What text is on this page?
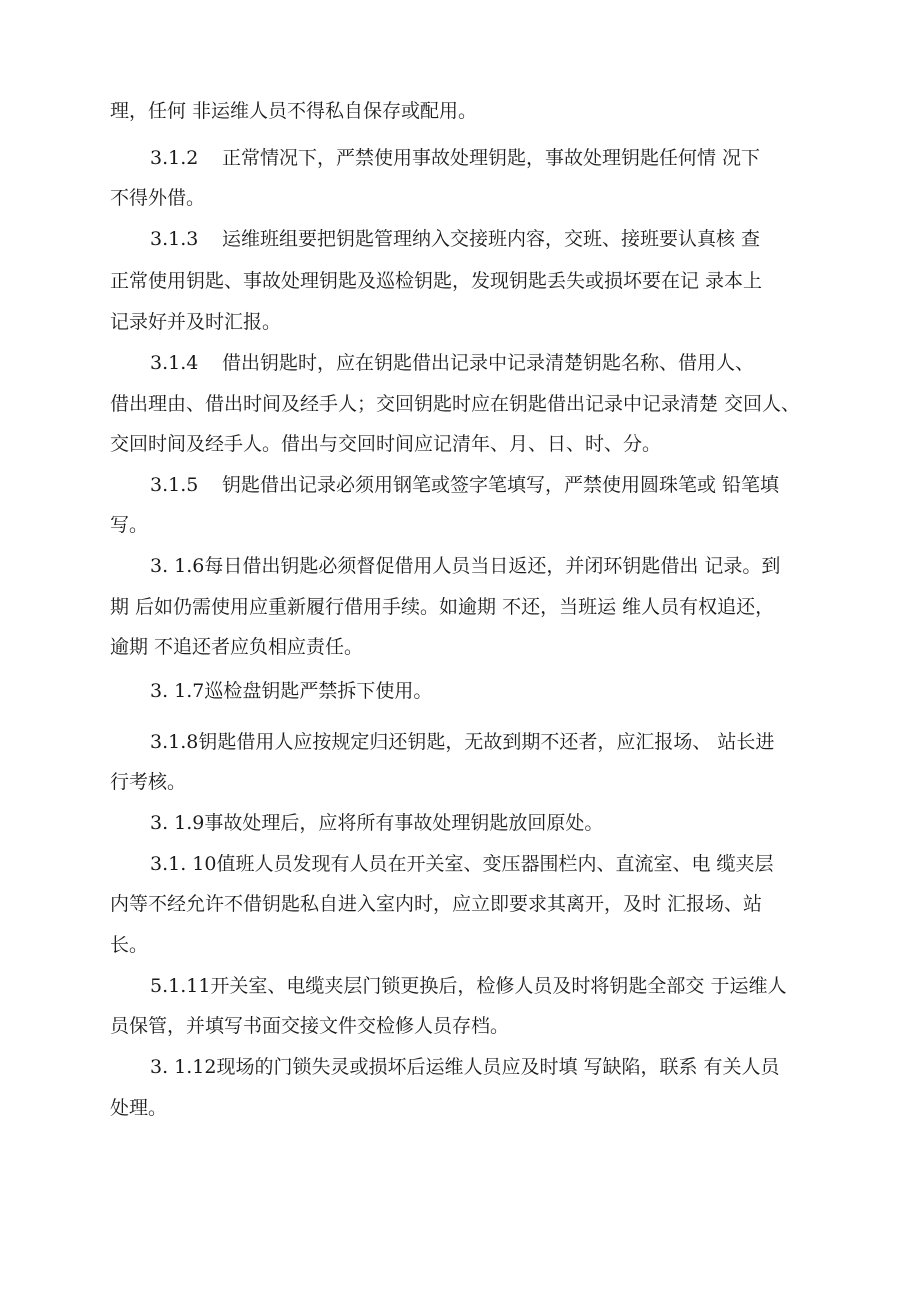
理，任何 非运维人员不得私自保存或配用。
3.1.2 正常情况下，严禁使用事故处理钥匙，事故处理钥匙任何情 况下
不得外借。
3.1.3 运维班组要把钥匙管理纳入交接班内容，交班、接班要认真核 查
正常使用钥匙、事故处理钥匙及巡检钥匙，发现钥匙丢失或损坏要在记 录本上
记录好并及时汇报。
3.1.4 借出钥匙时，应在钥匙借出记录中记录清楚钥匙名称、借用人、
借出理由、借出时间及经手人；交回钥匙时应在钥匙借出记录中记录清楚 交回人、
交回时间及经手人。借出与交回时间应记清年、月、日、时、分。
3.1.5 钥匙借出记录必须用钢笔或签字笔填写，严禁使用圆珠笔或 铅笔填
写。
3. 1.6每日借出钥匙必须督促借用人员当日返还，并闭环钥匙借出 记录。到
期 后如仍需使用应重新履行借用手续。如逾期 不还，当班运 维人员有权追还，
逾期 不追还者应负相应责任。
3. 1.7巡检盘钥匙严禁拆下使用。
3.1.8钥匙借用人应按规定归还钥匙，无故到期不还者，应汇报场、 站长进
行考核。
3. 1.9事故处理后，应将所有事故处理钥匙放回原处。
3.1. 10值班人员发现有人员在开关室、变压器围栏内、直流室、电 缆夹层
内等不经允许不借钥匙私自进入室内时，应立即要求其离开，及时 汇报场、站
长。
5.1.11开关室、电缆夹层门锁更换后，检修人员及时将钥匙全部交 于运维人
员保管，并填写书面交接文件交检修人员存档。
3. 1.12现场的门锁失灵或损坏后运维人员应及时填 写缺陷，联系 有关人员
处理。
